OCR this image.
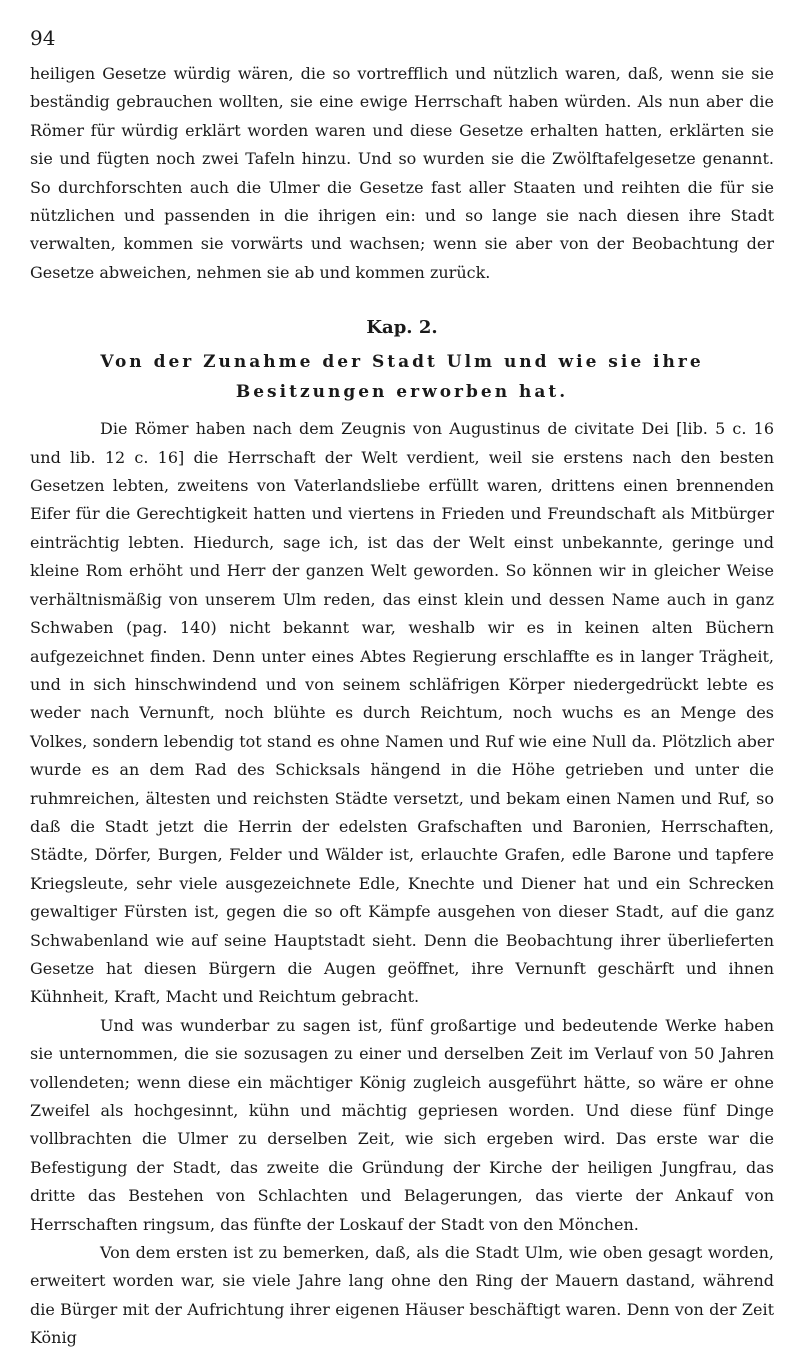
94

heiligen Gesetze würdig wären, die so vortrefflich und nützlich waren, daß, wenn sie sie beständig gebrauchen wollten, sie eine ewige Herrschaft haben würden. Als nun aber die Römer für würdig erklärt worden waren und diese Gesetze erhalten hatten, erklärten sie sie und fügten noch zwei Tafeln hinzu. Und so wurden sie die Zwölftafelgesetze genannt. So durchforschten auch die Ulmer die Gesetze fast aller Staaten und reihten die für sie nützlichen und passenden in die ihrigen ein: und so lange sie nach diesen ihre Stadt verwalten, kommen sie vorwärts und wachsen; wenn sie aber von der Beobachtung der Gesetze abweichen, nehmen sie ab und kommen zurück.

Kap. 2.
Von der Zunahme der Stadt Ulm und wie sie ihre Besitzungen erworben hat.

Die Römer haben nach dem Zeugnis von Augustinus de civitate Dei [lib. 5 c. 16 und lib. 12 c. 16] die Herrschaft der Welt verdient, weil sie erstens nach den besten Gesetzen lebten, zweitens von Vaterlandsliebe erfüllt waren, drittens einen brennenden Eifer für die Gerechtigkeit hatten und viertens in Frieden und Freundschaft als Mitbürger einträchtig lebten. Hiedurch, sage ich, ist das der Welt einst unbekannte, geringe und kleine Rom erhöht und Herr der ganzen Welt geworden. So können wir in gleicher Weise verhältnismäßig von unserem Ulm reden, das einst klein und dessen Name auch in ganz Schwaben (pag. 140) nicht bekannt war, weshalb wir es in keinen alten Büchern aufgezeichnet finden. Denn unter eines Abtes Regierung erschlaffte es in langer Trägheit, und in sich hinschwindend und von seinem schläfrigen Körper niedergedrückt lebte es weder nach Vernunft, noch blühte es durch Reichtum, noch wuchs es an Menge des Volkes, sondern lebendig tot stand es ohne Namen und Ruf wie eine Null da. Plötzlich aber wurde es an dem Rad des Schicksals hängend in die Höhe getrieben und unter die ruhmreichen, ältesten und reichsten Städte versetzt, und bekam einen Namen und Ruf, so daß die Stadt jetzt die Herrin der edelsten Grafschaften und Baronien, Herrschaften, Städte, Dörfer, Burgen, Felder und Wälder ist, erlauchte Grafen, edle Barone und tapfere Kriegsleute, sehr viele ausgezeichnete Edle, Knechte und Diener hat und ein Schrecken gewaltiger Fürsten ist, gegen die so oft Kämpfe ausgehen von dieser Stadt, auf die ganz Schwabenland wie auf seine Hauptstadt sieht. Denn die Beobachtung ihrer überlieferten Gesetze hat diesen Bürgern die Augen geöffnet, ihre Vernunft geschärft und ihnen Kühnheit, Kraft, Macht und Reichtum gebracht.

Und was wunderbar zu sagen ist, fünf großartige und bedeutende Werke haben sie unternommen, die sie sozusagen zu einer und derselben Zeit im Verlauf von 50 Jahren vollendeten; wenn diese ein mächtiger König zugleich ausgeführt hätte, so wäre er ohne Zweifel als hochgesinnt, kühn und mächtig gepriesen worden. Und diese fünf Dinge vollbrachten die Ulmer zu derselben Zeit, wie sich ergeben wird. Das erste war die Befestigung der Stadt, das zweite die Gründung der Kirche der heiligen Jungfrau, das dritte das Bestehen von Schlachten und Belagerungen, das vierte der Ankauf von Herrschaften ringsum, das fünfte der Loskauf der Stadt von den Mönchen.

Von dem ersten ist zu bemerken, daß, als die Stadt Ulm, wie oben gesagt worden, erweitert worden war, sie viele Jahre lang ohne den Ring der Mauern dastand, während die Bürger mit der Aufrichtung ihrer eigenen Häuser beschäftigt waren. Denn von der Zeit König
